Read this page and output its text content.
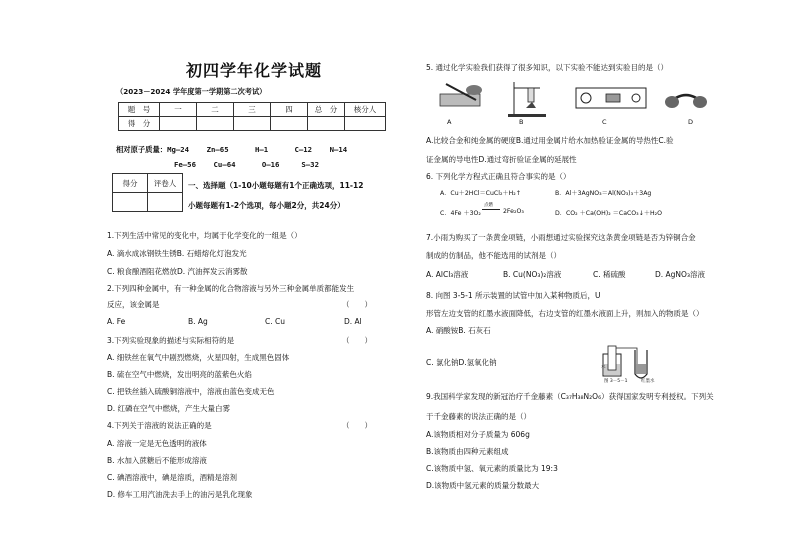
初四学年化学试题
（2023－2024 学年度第一学期第二次考试）
题　号	一	二	三	四	总　分	核分人
得　分						
相对原子质量：Mg—24    Zn—65      H—1      C—12    N—14
Fe—56    Cu—64      O—16     S—32
得分	评卷人
	一、选择题（1-10小题每题有1个正确选项，11-12
小题每题有1-2个选项，每小题2分，共24分）
1.下列生活中常见的变化中，均属于化学变化的一组是（）
A. 滴水成冰钢铁生锈B. 石蜡熔化灯泡发光
C. 粮食酿酒阻花燃放D. 汽油挥发云消雾散
2.下列四种金属中，有一种金属的化合物溶液与另外三种金属单质都能发生
反应，该金属是	（　　）
A. Fe	B. Ag	C. Cu	D. Al
3.下列实验现象的描述与实际相符的是	（　　）
A. 细铁丝在氧气中剧烈燃烧，火星四射，生成黑色固体
B. 硫在空气中燃烧，发出明亮的蓝紫色火焰
C. 把铁丝插入硫酸铜溶液中，溶液由蓝色变成无色
D. 红磷在空气中燃烧，产生大量白雾
4.下列关于溶液的说法正确的是	（　　）
A. 溶液一定是无色透明的液体
B. 水加入蔗糖后不能形成溶液
C. 碘酒溶液中，碘是溶质，酒精是溶剂
D. 修车工用汽油洗去手上的油污是乳化现象
5. 通过化学实验我们获得了很多知识，以下实验不能达到实验目的是（）
A	B	C	D
A.比较合金和纯金属的硬度B.通过用金属片给水加热验证金属的导热性C.验
证金属的导电性D.通过弯折验证金属的延展性
6. 下列化学方程式正确且符合事实的是（）
A．Cu＋2HCl＝CuCl₂＋H₂↑	B．Al＋3AgNO₃＝Al(NO₃)₃＋3Ag
C．4Fe ＋3O₂
点燃
2Fe₂O₃	D．CO₂ ＋Ca(OH)₂ ＝CaCO₃↓＋H₂O
7.小雨为购买了一条黄金项链，小雨想通过实验探究这条黄金项链是否为锌铜合金
制成的仿制品，他不能选用的试剂是（）
A. AlCl₃溶液	B. Cu(NO₃)₂溶液	C. 稀硫酸	D. AgNO₃溶液
8. 向图 3-5-1 所示装置的试管中加入某种物质后，U
形管左边支管的红墨水液面降低，右边支管的红墨水液面上升，则加入的物质是（）
A. 硝酸铵B. 石灰石
C. 氯化钠D.氢氧化钠
水
图 3－5－1	红墨水
9.我国科学家发现的新冠治疗千金藤素（C₃₇H₃₈N₂O₆）获得国家发明专利授权。下列关
于千金藤素的说法正确的是（）
A.该物质相对分子质量为 606g
B.该物质由四种元素组成
C.该物质中氢、氧元素的质量比为 19:3
D.该物质中氢元素的质量分数最大
